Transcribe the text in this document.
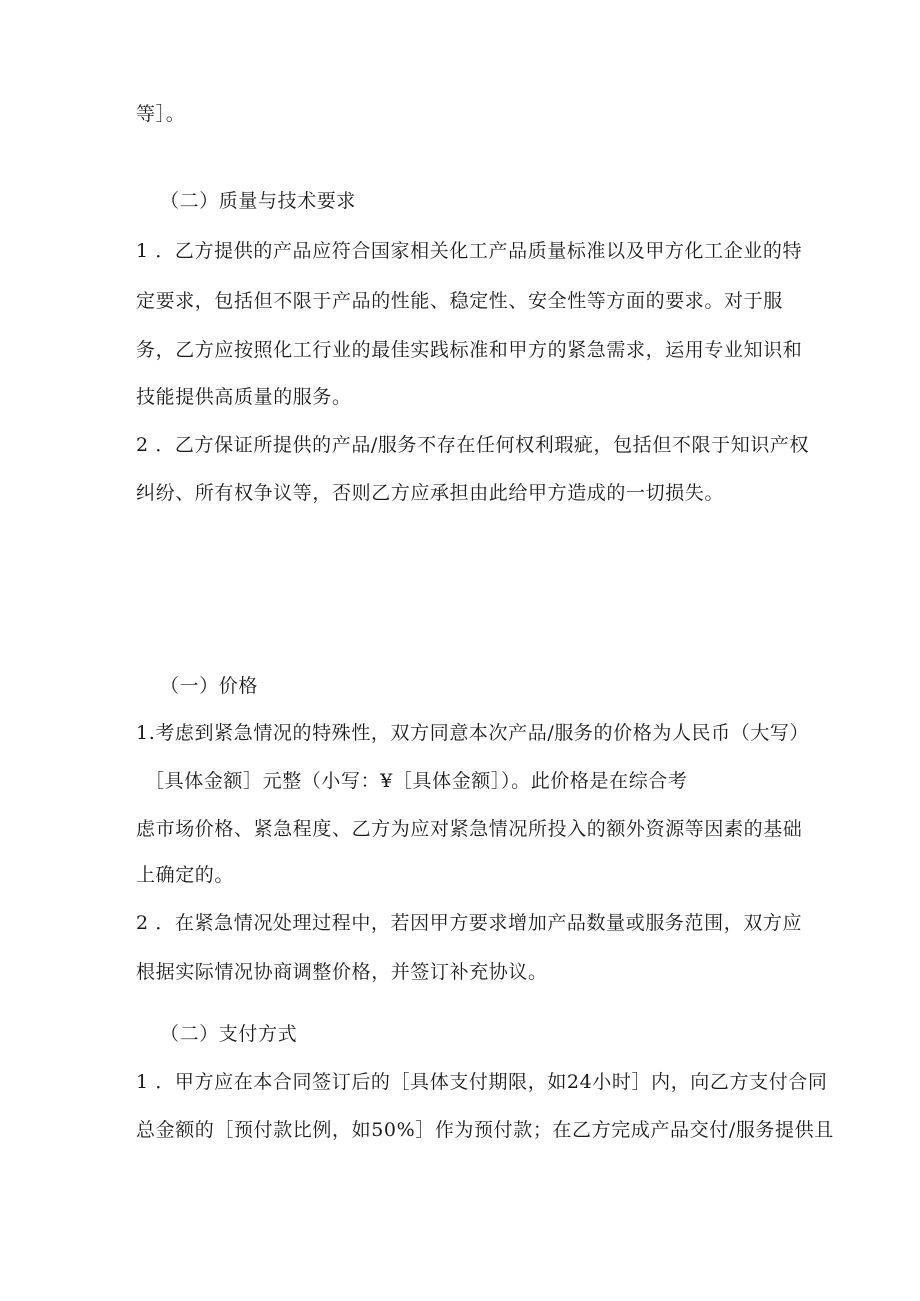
等］。
（二）质量与技术要求
1 ．乙方提供的产品应符合国家相关化工产品质量标准以及甲方化工企业的特
定要求，包括但不限于产品的性能、稳定性、安全性等方面的要求。对于服
务，乙方应按照化工行业的最佳实践标准和甲方的紧急需求，运用专业知识和
技能提供高质量的服务。
2 ．乙方保证所提供的产品/服务不存在任何权利瑕疵，包括但不限于知识产权
纠纷、所有权争议等，否则乙方应承担由此给甲方造成的一切损失。
（一）价格
1.考虑到紧急情况的特殊性，双方同意本次产品/服务的价格为人民币（大写）
［具体金额］元整（小写：¥［具体金额］）。此价格是在综合考
虑市场价格、紧急程度、乙方为应对紧急情况所投入的额外资源等因素的基础
上确定的。
2 ．在紧急情况处理过程中，若因甲方要求增加产品数量或服务范围，双方应
根据实际情况协商调整价格，并签订补充协议。
（二）支付方式
1 ．甲方应在本合同签订后的［具体支付期限，如24小时］内，向乙方支付合同
总金额的［预付款比例，如50%］作为预付款；在乙方完成产品交付/服务提供且
